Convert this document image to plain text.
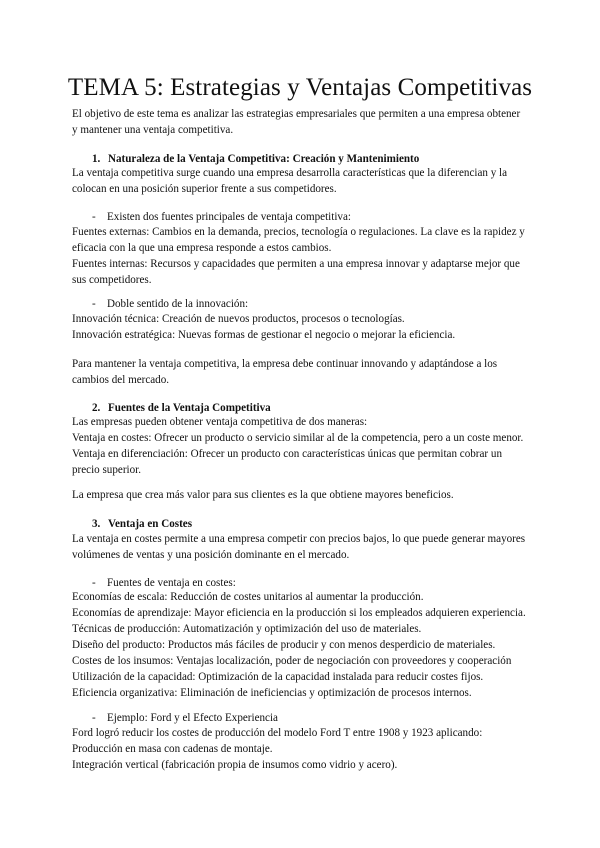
TEMA 5: Estrategias y Ventajas Competitivas
El objetivo de este tema es analizar las estrategias empresariales que permiten a una empresa obtener
y mantener una ventaja competitiva.
1. Naturaleza de la Ventaja Competitiva: Creación y Mantenimiento
La ventaja competitiva surge cuando una empresa desarrolla características que la diferencian y la
colocan en una posición superior frente a sus competidores.
- Existen dos fuentes principales de ventaja competitiva:
Fuentes externas: Cambios en la demanda, precios, tecnología o regulaciones. La clave es la rapidez y
eficacia con la que una empresa responde a estos cambios.
Fuentes internas: Recursos y capacidades que permiten a una empresa innovar y adaptarse mejor que
sus competidores.
- Doble sentido de la innovación:
Innovación técnica: Creación de nuevos productos, procesos o tecnologías.
Innovación estratégica: Nuevas formas de gestionar el negocio o mejorar la eficiencia.
Para mantener la ventaja competitiva, la empresa debe continuar innovando y adaptándose a los
cambios del mercado.
2. Fuentes de la Ventaja Competitiva
Las empresas pueden obtener ventaja competitiva de dos maneras:
Ventaja en costes: Ofrecer un producto o servicio similar al de la competencia, pero a un coste menor.
Ventaja en diferenciación: Ofrecer un producto con características únicas que permitan cobrar un
precio superior.
La empresa que crea más valor para sus clientes es la que obtiene mayores beneficios.
3. Ventaja en Costes
La ventaja en costes permite a una empresa competir con precios bajos, lo que puede generar mayores
volúmenes de ventas y una posición dominante en el mercado.
- Fuentes de ventaja en costes:
Economías de escala: Reducción de costes unitarios al aumentar la producción.
Economías de aprendizaje: Mayor eficiencia en la producción si los empleados adquieren experiencia.
Técnicas de producción: Automatización y optimización del uso de materiales.
Diseño del producto: Productos más fáciles de producir y con menos desperdicio de materiales.
Costes de los insumos: Ventajas localización, poder de negociación con proveedores y cooperación
Utilización de la capacidad: Optimización de la capacidad instalada para reducir costes fijos.
Eficiencia organizativa: Eliminación de ineficiencias y optimización de procesos internos.
- Ejemplo: Ford y el Efecto Experiencia
Ford logró reducir los costes de producción del modelo Ford T entre 1908 y 1923 aplicando:
Producción en masa con cadenas de montaje.
Integración vertical (fabricación propia de insumos como vidrio y acero).
